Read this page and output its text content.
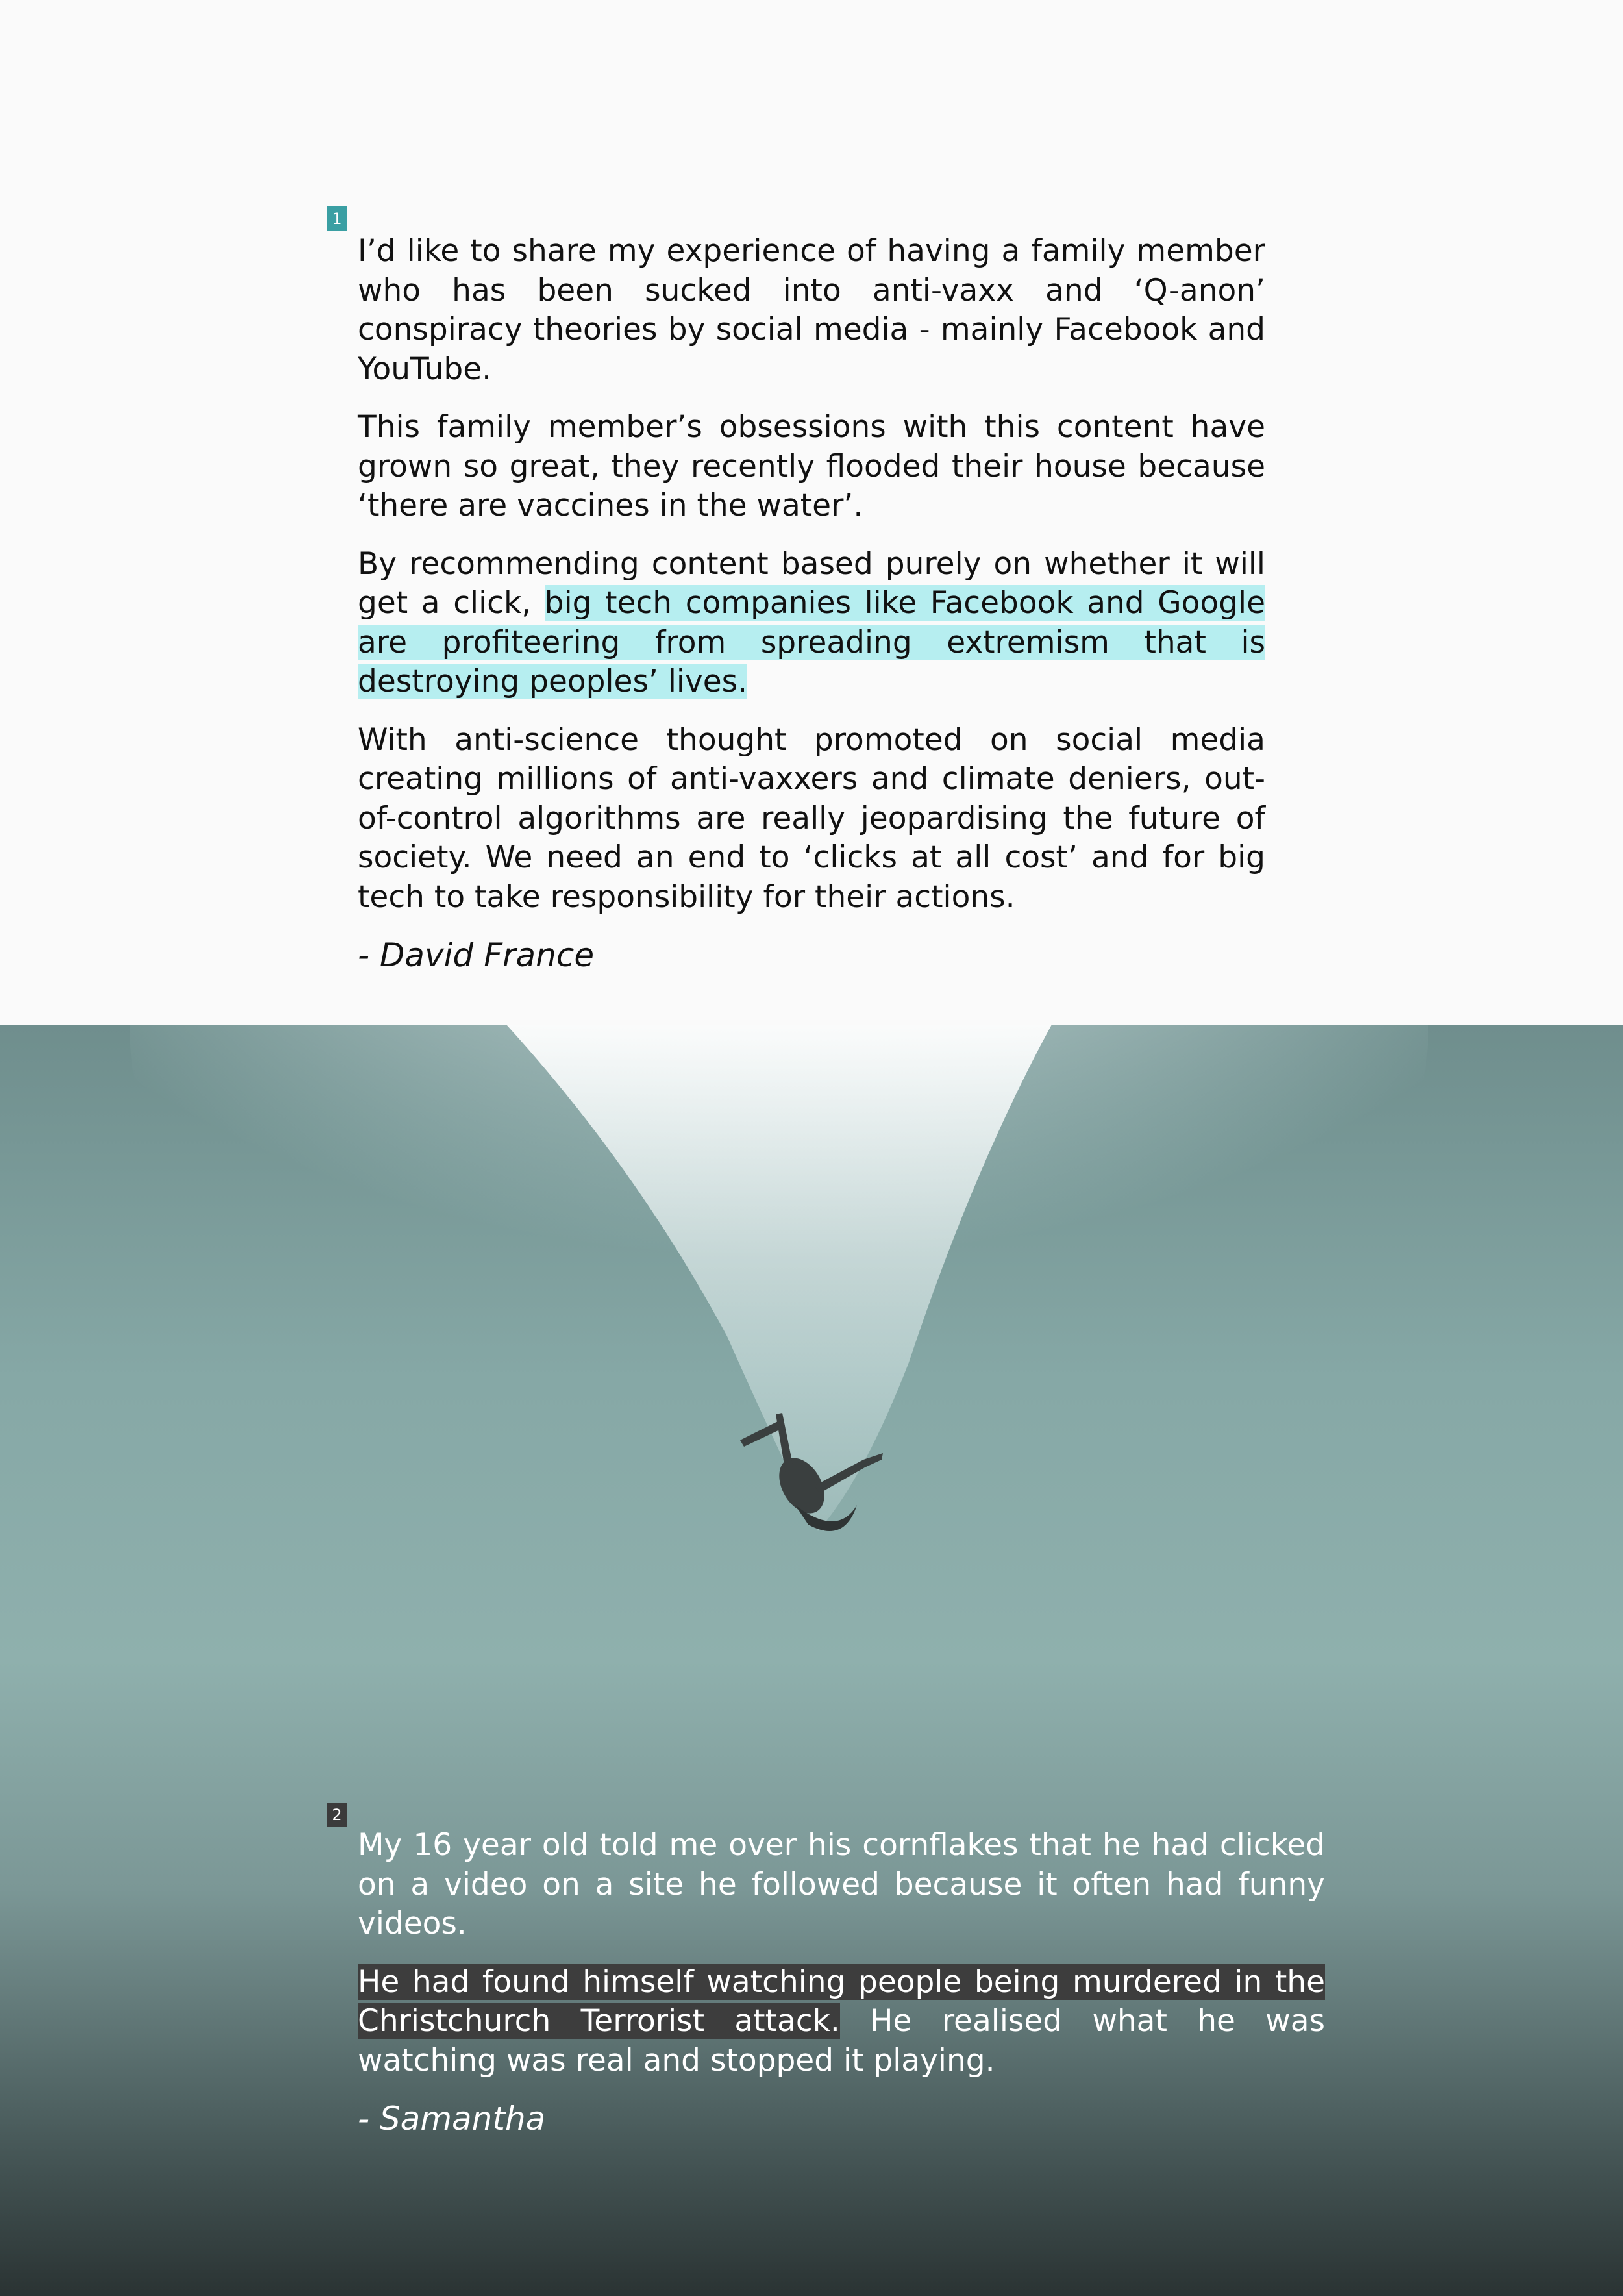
1

I’d like to share my experience of having a family member who has been sucked into anti-vaxx and ‘Q-anon’ conspiracy theories by social media - mainly Facebook and YouTube.

This family member’s obsessions with this content have grown so great, they recently flooded their house because ‘there are vaccines in the water’.

By recommending content based purely on whether it will get a click, big tech companies like Facebook and Google are profiteering from spreading extremism that is destroying peoples’ lives.

With anti-science thought promoted on social media creating millions of anti-vaxxers and climate deniers, out-of-control algorithms are really jeopardising the future of society. We need an end to ‘clicks at all cost’ and for big tech to take responsibility for their actions.

- David France

2

My 16 year old told me over his cornflakes that he had clicked on a video on a site he followed because it often had funny videos.

He had found himself watching people being murdered in the Christchurch Terrorist attack. He realised what he was watching was real and stopped it playing.

- Samantha
